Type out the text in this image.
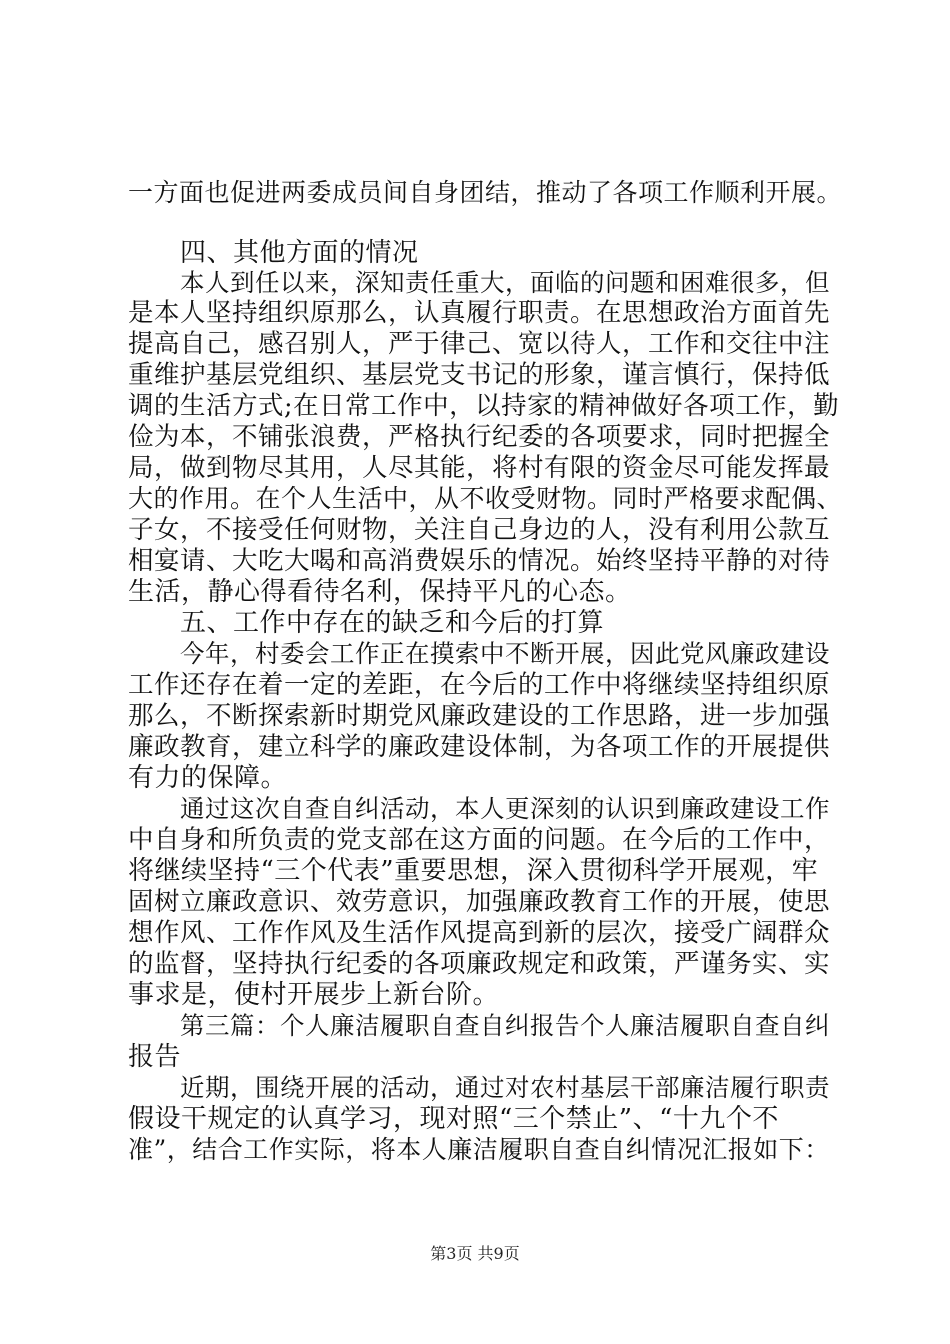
一方面也促进两委成员间自身团结，推动了各项工作顺利开展。
四、其他方面的情况
本人到任以来，深知责任重大，面临的问题和困难很多，但
是本人坚持组织原那么，认真履行职责。在思想政治方面首先
提高自己，感召别人，严于律己、宽以待人，工作和交往中注
重维护基层党组织、基层党支书记的形象，谨言慎行，保持低
调的生活方式;在日常工作中，以持家的精神做好各项工作，勤
俭为本，不铺张浪费，严格执行纪委的各项要求，同时把握全
局，做到物尽其用，人尽其能，将村有限的资金尽可能发挥最
大的作用。在个人生活中，从不收受财物。同时严格要求配偶、
子女，不接受任何财物，关注自己身边的人，没有利用公款互
相宴请、大吃大喝和高消费娱乐的情况。始终坚持平静的对待
生活，静心得看待名利，保持平凡的心态。
五、工作中存在的缺乏和今后的打算
今年，村委会工作正在摸索中不断开展，因此党风廉政建设
工作还存在着一定的差距，在今后的工作中将继续坚持组织原
那么，不断探索新时期党风廉政建设的工作思路，进一步加强
廉政教育，建立科学的廉政建设体制，为各项工作的开展提供
有力的保障。
通过这次自查自纠活动，本人更深刻的认识到廉政建设工作
中自身和所负责的党支部在这方面的问题。在今后的工作中，
将继续坚持“三个代表”重要思想，深入贯彻科学开展观，牢
固树立廉政意识、效劳意识，加强廉政教育工作的开展，使思
想作风、工作作风及生活作风提高到新的层次，接受广阔群众
的监督，坚持执行纪委的各项廉政规定和政策，严谨务实、实
事求是，使村开展步上新台阶。
第三篇：个人廉洁履职自查自纠报告个人廉洁履职自查自纠
报告
近期，围绕开展的活动，通过对农村基层干部廉洁履行职责
假设干规定的认真学习，现对照“三个禁止”、“十九个不
准”，结合工作实际，将本人廉洁履职自查自纠情况汇报如下：
第3页 共9页
